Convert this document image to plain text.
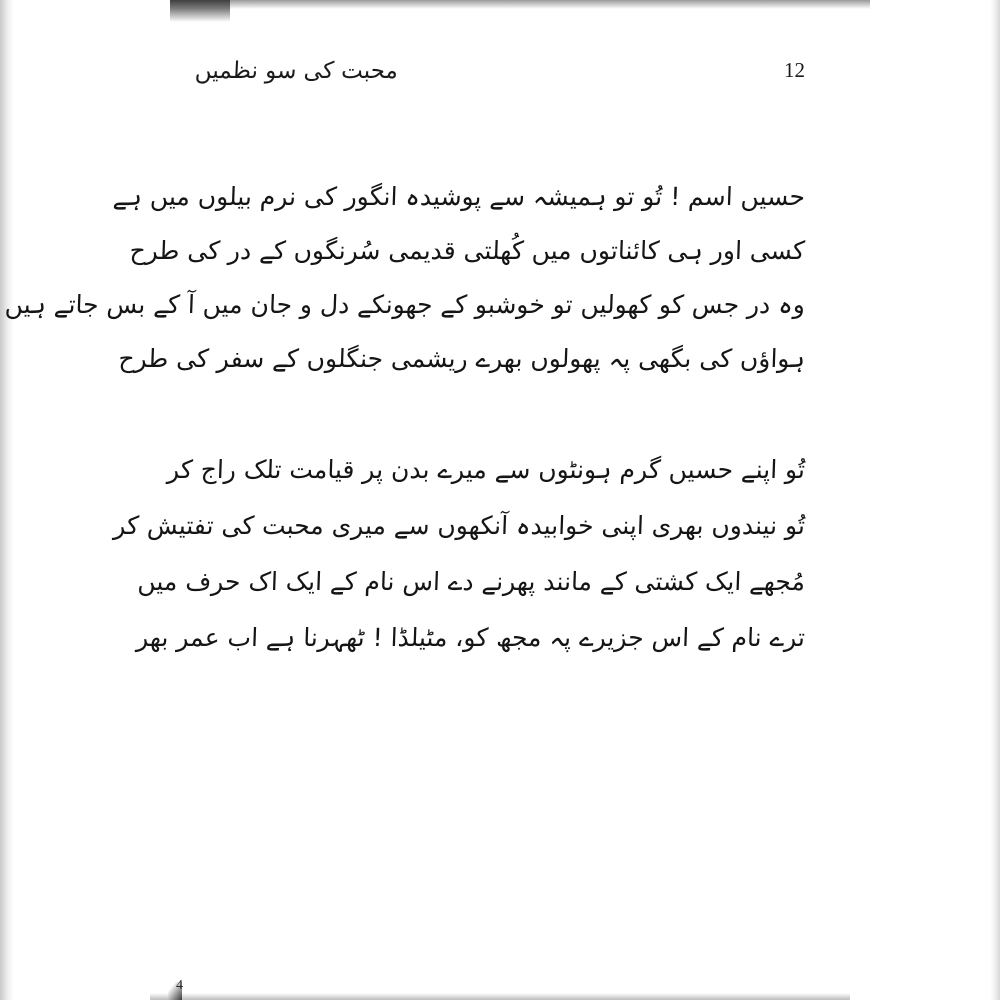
محبت کی سو نظمیں	12
حسیں اسم ! تُو تو ہمیشہ سے پوشیدہ انگور کی نرم بیلوں میں ہے
کسی اور ہی کائناتوں میں کُھلتی قدیمی سُرنگوں کے در کی طرح
وہ در جس کو کھولیں تو خوشبو کے جھونکے دل و جان میں آ کے بس جاتے ہیں
ہواؤں کی بگھی پہ پھولوں بھرے ریشمی جنگلوں کے سفر کی طرح
تُو اپنے حسیں گرم ہونٹوں سے میرے بدن پر قیامت تلک راج کر
تُو نیندوں بھری اپنی خوابیدہ آنکھوں سے میری محبت کی تفتیش کر
مُجھے ایک کشتی کے مانند پھرنے دے اس نام کے ایک اک حرف میں
ترے نام کے اس جزیرے پہ مجھ کو، مٹیلڈا ! ٹھہرنا ہے اب عمر بھر
4
